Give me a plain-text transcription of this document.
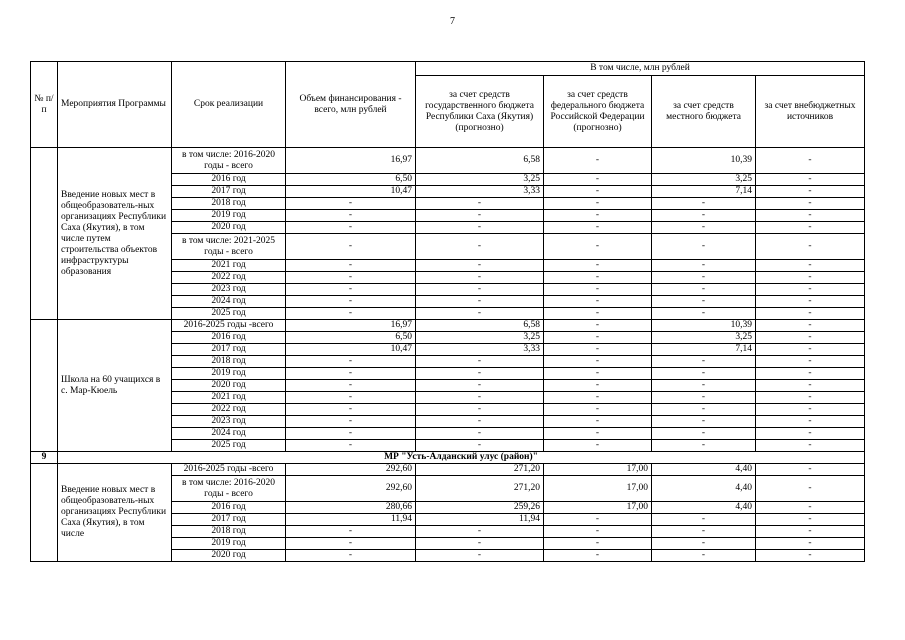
7
№ п/п	Мероприятия Программы	Срок реализации	Объем финансирования - всего, млн рублей	В том числе, млн рублей			
				за счет средств государственного бюджета Республики Саха (Якутия) (прогнозно)	за счет средств федерального бюджета Российской Федерации (прогнозно)	за счет средств местного бюджета	за счет внебюджетных источников
	Введение новых мест в общеобразователь-ных организациях Республики Саха (Якутия), в том числе путем строительства объектов инфраструктуры образования	в том числе: 2016-2020 годы - всего	16,97	6,58	-	10,39	-
		2016 год	6,50	3,25	-	3,25	-
		2017 год	10,47	3,33	-	7,14	-
		2018 год	-	-	-	-	-
		2019 год	-	-	-	-	-
		2020 год	-	-	-	-	-
		в том числе: 2021-2025 годы - всего	-	-	-	-	-
		2021 год	-	-	-	-	-
		2022 год	-	-	-	-	-
		2023 год	-	-	-	-	-
		2024 год	-	-	-	-	-
		2025 год	-	-	-	-	-
	Школа на 60 учащихся в с. Мар-Кюель	2016-2025 годы -всего	16,97	6,58	-	10,39	-
		2016 год	6,50	3,25	-	3,25	-
		2017 год	10,47	3,33	-	7,14	-
		2018 год	-	-	-	-	-
		2019 год	-	-	-	-	-
		2020 год	-	-	-	-	-
		2021 год	-	-	-	-	-
		2022 год	-	-	-	-	-
		2023 год	-	-	-	-	-
		2024 год	-	-	-	-	-
		2025 год	-	-	-	-	-
9	МР "Усть-Алданский улус (район)"						
	Введение новых мест в общеобразователь-ных организациях Республики Саха (Якутия), в том числе	2016-2025 годы -всего	292,60	271,20	17,00	4,40	-
		в том числе: 2016-2020 годы - всего	292,60	271,20	17,00	4,40	-
		2016 год	280,66	259,26	17,00	4,40	-
		2017 год	11,94	11,94	-	-	-
		2018 год	-	-	-	-	-
		2019 год	-	-	-	-	-
		2020 год	-	-	-	-	-
